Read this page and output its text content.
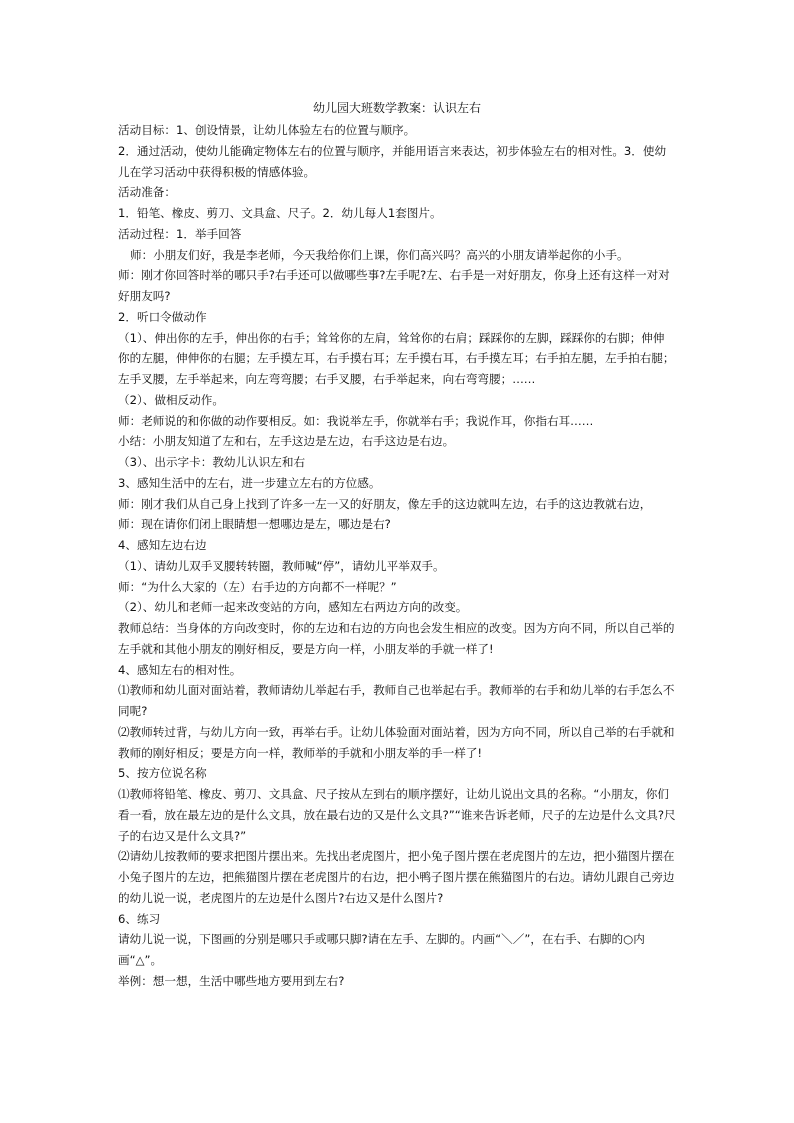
幼儿园大班数学教案：认识左右

活动目标：1、创设情景，让幼儿体验左右的位置与顺序。

2．通过活动，使幼儿能确定物体左右的位置与顺序，并能用语言来表达，初步体验左右的相对性。3．使幼儿在学习活动中获得积极的情感体验。

活动准备：

1．铅笔、橡皮、剪刀、文具盒、尺子。2．幼儿每人1套图片。

活动过程：1．举手回答

师：小朋友们好，我是李老师，今天我给你们上课，你们高兴吗？高兴的小朋友请举起你的小手。

师：刚才你回答时举的哪只手?右手还可以做哪些事?左手呢?左、右手是一对好朋友，你身上还有这样一对对好朋友吗?

2．听口令做动作

（1）、伸出你的左手，伸出你的右手；耸耸你的左肩，耸耸你的右肩；踩踩你的左脚，踩踩你的右脚；伸伸你的左腿，伸伸你的右腿；左手摸左耳，右手摸右耳；左手摸右耳，右手摸左耳；右手拍左腿，左手拍右腿；左手叉腰，左手举起来，向左弯弯腰；右手叉腰，右手举起来，向右弯弯腰；……

（2）、做相反动作。

师：老师说的和你做的动作要相反。如：我说举左手，你就举右手；我说作耳，你指右耳……

小结：小朋友知道了左和右，左手这边是左边，右手这边是右边。

（3）、出示字卡：教幼儿认识左和右

3、感知生活中的左右，进一步建立左右的方位感。

师：刚才我们从自己身上找到了许多一左一又的好朋友，像左手的这边就叫左边，右手的这边教就右边，

师：现在请你们闭上眼睛想一想哪边是左，哪边是右?

4、感知左边右边

（1）、请幼儿双手叉腰转转圈，教师喊“停”，请幼儿平举双手。

师：“为什么大家的（左）右手边的方向都不一样呢？”

（2）、幼儿和老师一起来改变站的方向，感知左右两边方向的改变。

教师总结：当身体的方向改变时，你的左边和右边的方向也会发生相应的改变。因为方向不同，所以自己举的左手就和其他小朋友的刚好相反，要是方向一样，小朋友举的手就一样了!

4、感知左右的相对性。

⑴教师和幼儿面对面站着，教师请幼儿举起右手，教师自己也举起右手。教师举的右手和幼儿举的右手怎么不同呢?

⑵教师转过背，与幼儿方向一致，再举右手。让幼儿体验面对面站着，因为方向不同，所以自己举的右手就和教师的刚好相反；要是方向一样，教师举的手就和小朋友举的手一样了!

5、按方位说名称

⑴教师将铅笔、橡皮、剪刀、文具盒、尺子按从左到右的顺序摆好，让幼儿说出文具的名称。“小朋友，你们看一看，放在最左边的是什么文具，放在最右边的又是什么文具?”“谁来告诉老师，尺子的左边是什么文具?尺子的右边又是什么文具?”

⑵请幼儿按教师的要求把图片摆出来。先找出老虎图片，把小兔子图片摆在老虎图片的左边，把小猫图片摆在小兔子图片的左边，把熊猫图片摆在老虎图片的右边，把小鸭子图片摆在熊猫图片的右边。请幼儿跟自己旁边的幼儿说一说，老虎图片的左边是什么图片?右边又是什么图片?

6、练习

请幼儿说一说，下图画的分别是哪只手或哪只脚?请在左手、左脚的。内画“＼／”，在右手、右脚的○内画“△”。

举例：想一想，生活中哪些地方要用到左右?
